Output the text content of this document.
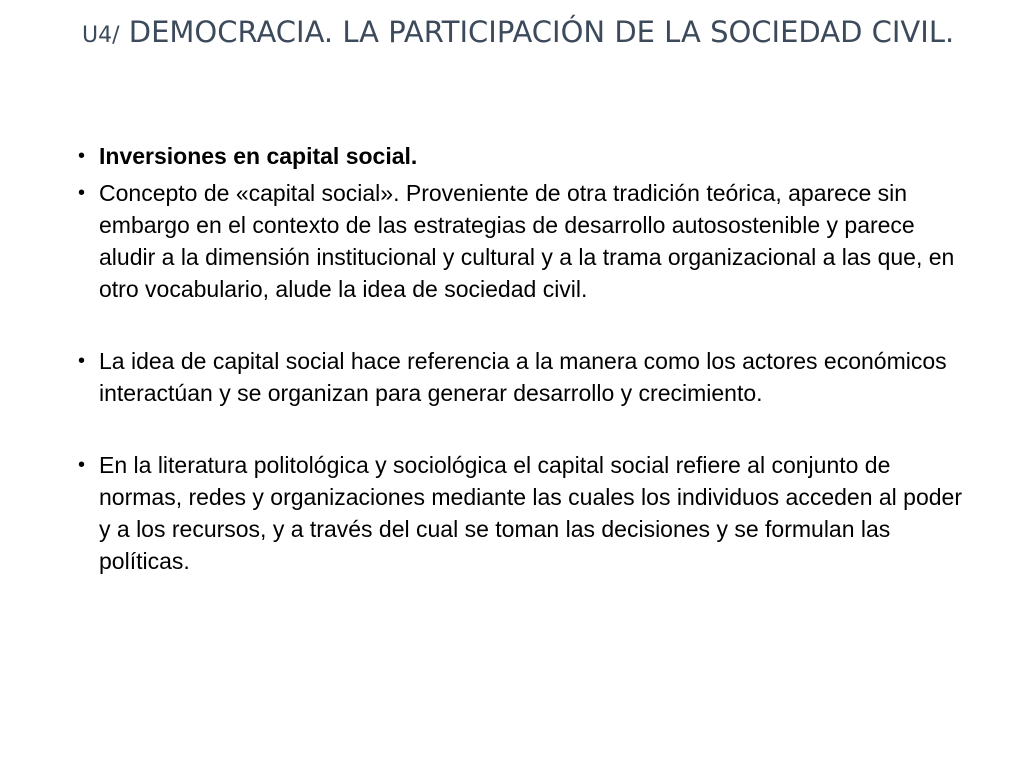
U4/ DEMOCRACIA. LA PARTICIPACIÓN DE LA SOCIEDAD CIVIL.
• Inversiones en capital social.
• Concepto de «capital social». Proveniente de otra tradición teórica, aparece sin embargo en el contexto de las estrategias de desarrollo autosostenible y parece aludir a la dimensión institucional y cultural y a la trama organizacional a las que, en otro vocabulario, alude la idea de sociedad civil.
• La idea de capital social hace referencia a la manera como los actores económicos interactúan y se organizan para generar desarrollo y crecimiento.
• En la literatura politológica y sociológica el capital social refiere al conjunto de normas, redes y organizaciones mediante las cuales los individuos acceden al poder y a los recursos, y a través del cual se toman las decisiones y se formulan las políticas.
